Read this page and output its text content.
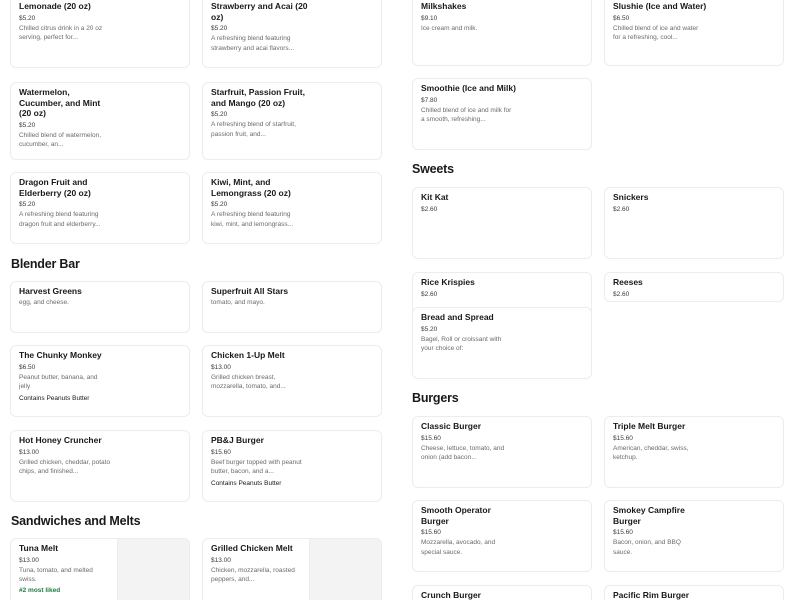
Lemonade (20 oz)
$5.20
Chilled citrus drink in a 20 oz serving, perfect for...
Watermelon, Cucumber, and Mint (20 oz)
$5.20
Chilled blend of watermelon, cucumber, an...
Dragon Fruit and Elderberry (20 oz)
$5.20
A refreshing blend featuring dragon fruit and elderberry...
Strawberry and Acai (20 oz)
$5.20
A refreshing blend featuring strawberry and acai flavors...
Starfruit, Passion Fruit, and Mango (20 oz)
$5.20
A refreshing blend of starfruit, passion fruit, and...
Kiwi, Mint, and Lemongrass (20 oz)
$5.20
A refreshing blend featuring kiwi, mint, and lemongrass...
Blender Bar
Harvest Greens
egg, and cheese.
Superfruit All Stars
tomato, and mayo.
The Chunky Monkey
$6.50
Peanut butter, banana, and jelly
Contains Peanuts Butter
Chicken 1-Up Melt
$13.00
Grilled chicken breast, mozzarella, tomato, and...
Hot Honey Cruncher
$13.00
Grilled chicken, cheddar, potato chips, and finished...
PB&J Burger
$15.60
Beef burger topped with peanut butter, bacon, and a...
Contains Peanuts Butter
Sandwiches and Melts
Tuna Melt
$13.00
Tuna, tomato, and melted swiss.
#2 most liked
Grilled Chicken Melt
$13.00
Chicken, mozzarella, roasted peppers, and...
Milkshakes
$9.10
Ice cream and milk.
Slushie (Ice and Water)
$6.50
Chilled blend of ice and water for a refreshing, cool...
Smoothie (Ice and Milk)
$7.80
Chilled blend of ice and milk for a smooth, refreshing...
Sweets
Kit Kat
$2.60
Snickers
$2.60
Rice Krispies
$2.60
Reeses
$2.60
Bread and Spread
$5.20
Bagel, Roll or croissant with your choice of:
Burgers
Classic Burger
$15.60
Cheese, lettuce, tomato, and onion (add bacon...
Triple Melt Burger
$15.60
American, cheddar, swiss, ketchup.
Smooth Operator Burger
$15.60
Mozzarella, avocado, and special sauce.
Smokey Campfire Burger
$15.60
Bacon, onion, and BBQ sauce.
Crunch Burger	Pacific Rim Burger
